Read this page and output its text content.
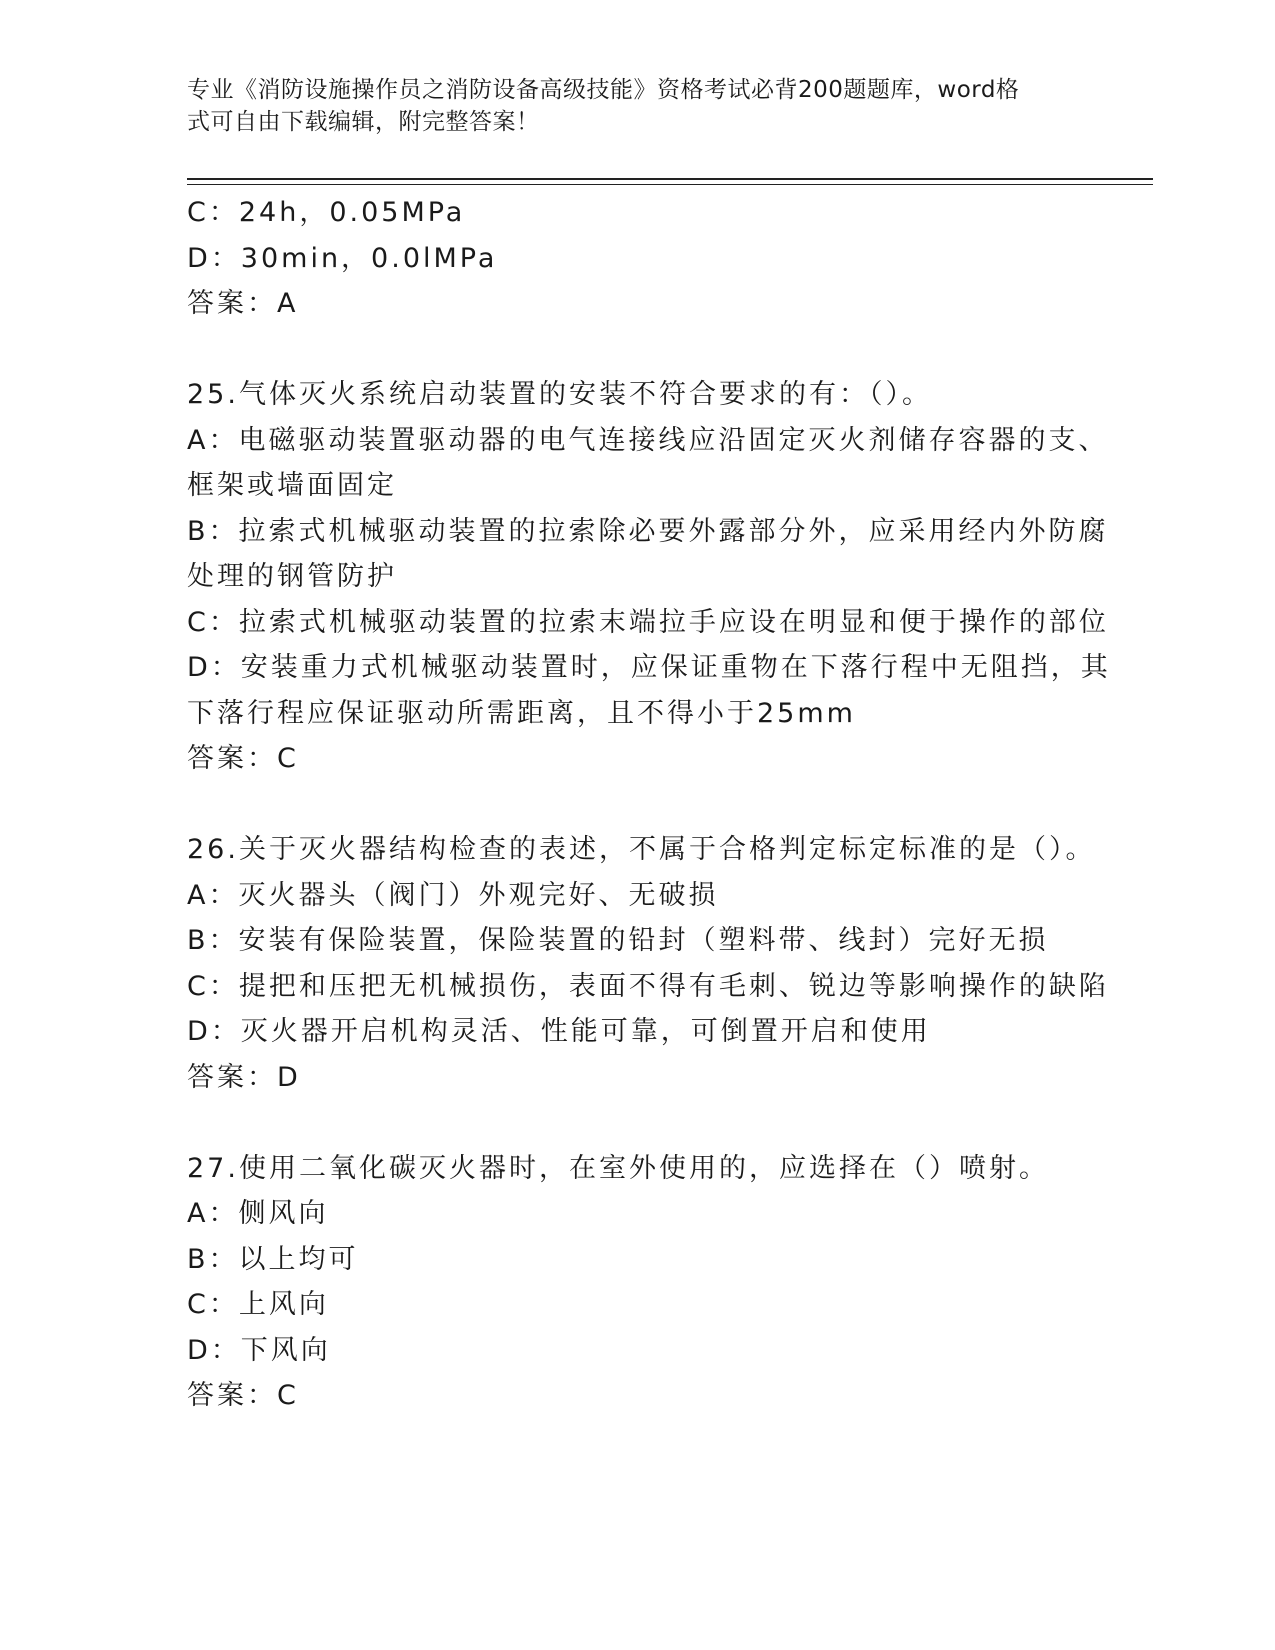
专业《消防设施操作员之消防设备高级技能》资格考试必背200题题库，word格
式可自由下载编辑，附完整答案！
C：24h，0.05MPa
D：30min，0.0lMPa
答案：A
25.气体灭火系统启动装置的安装不符合要求的有：（）。
A：电磁驱动装置驱动器的电气连接线应沿固定灭火剂储存容器的支、
框架或墙面固定
B：拉索式机械驱动装置的拉索除必要外露部分外，应采用经内外防腐
处理的钢管防护
C：拉索式机械驱动装置的拉索末端拉手应设在明显和便于操作的部位
D：安装重力式机械驱动装置时，应保证重物在下落行程中无阻挡，其
下落行程应保证驱动所需距离，且不得小于25mm
答案：C
26.关于灭火器结构检查的表述，不属于合格判定标定标准的是（）。
A：灭火器头（阀门）外观完好、无破损
B：安装有保险装置，保险装置的铅封（塑料带、线封）完好无损
C：提把和压把无机械损伤，表面不得有毛刺、锐边等影响操作的缺陷
D：灭火器开启机构灵活、性能可靠，可倒置开启和使用
答案：D
27.使用二氧化碳灭火器时，在室外使用的，应选择在（）喷射。
A：侧风向
B：以上均可
C：上风向
D：下风向
答案：C
